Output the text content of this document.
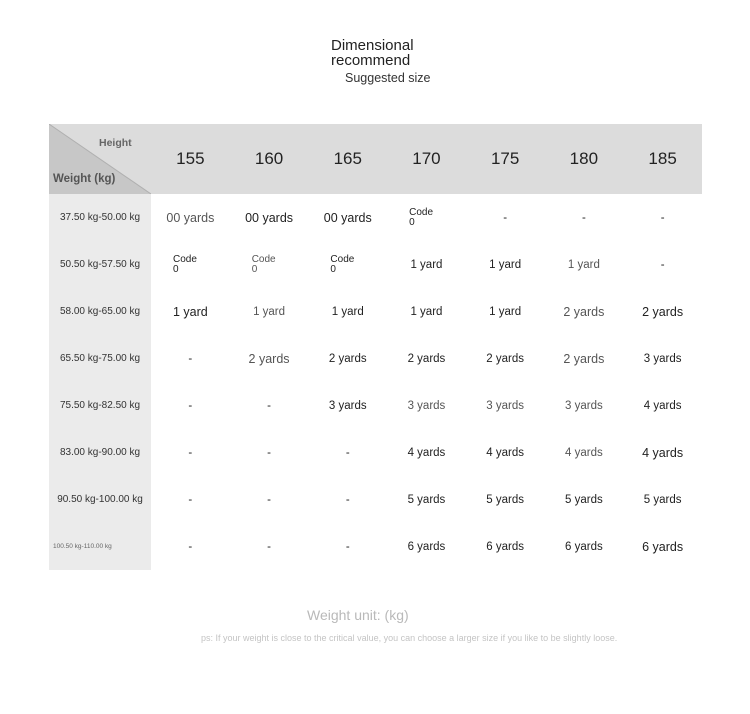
Dimensional
recommend
Suggested size
Height
Weight (kg)	155	160	165	170	175	180	185
37.50 kg-50.00 kg	00 yards	00 yards	00 yards	Code 0	-	-	-
50.50 kg-57.50 kg	Code 0	Code 0	Code 0	1 yard	1 yard	1 yard	-
58.00 kg-65.00 kg	1 yard	1 yard	1 yard	1 yard	1 yard	2 yards	2 yards
65.50 kg-75.00 kg	-	2 yards	2 yards	2 yards	2 yards	2 yards	3 yards
75.50 kg-82.50 kg	-	-	3 yards	3 yards	3 yards	3 yards	4 yards
83.00 kg-90.00 kg	-	-	-	4 yards	4 yards	4 yards	4 yards
90.50 kg-100.00 kg	-	-	-	5 yards	5 yards	5 yards	5 yards
100.50 kg-110.00 kg	-	-	-	6 yards	6 yards	6 yards	6 yards
Weight unit: (kg)
ps: If your weight is close to the critical value, you can choose a larger size if you like to be slightly loose.
